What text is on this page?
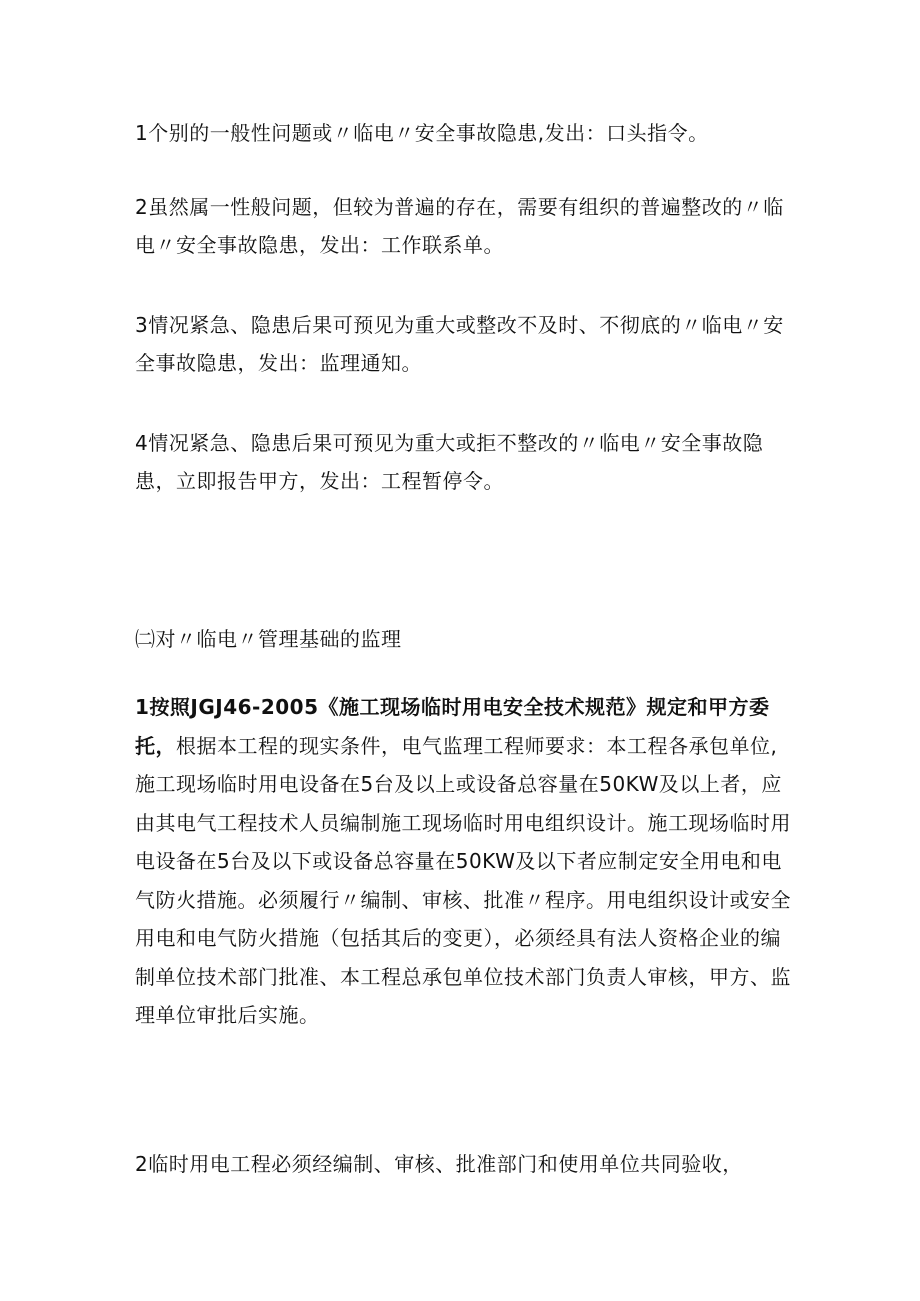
1个别的一般性问题或〃临电〃安全事故隐患,发出：口头指令。

2虽然属一性般问题，但较为普遍的存在，需要有组织的普遍整改的〃临电〃安全事故隐患，发出：工作联系单。

3情况紧急、隐患后果可预见为重大或整改不及时、不彻底的〃临电〃安全事故隐患，发出：监理通知。

4情况紧急、隐患后果可预见为重大或拒不整改的〃临电〃安全事故隐患，立即报告甲方，发出：工程暂停令。

㈡对〃临电〃管理基础的监理

1按照JGJ46-2005《施工现场临时用电安全技术规范》规定和甲方委托，根据本工程的现实条件，电气监理工程师要求：本工程各承包单位,施工现场临时用电设备在5台及以上或设备总容量在50KW及以上者，应由其电气工程技术人员编制施工现场临时用电组织设计。施工现场临时用电设备在5台及以下或设备总容量在50KW及以下者应制定安全用电和电气防火措施。必须履行〃编制、审核、批准〃程序。用电组织设计或安全用电和电气防火措施（包括其后的变更），必须经具有法人资格企业的编制单位技术部门批准、本工程总承包单位技术部门负责人审核，甲方、监理单位审批后实施。

2临时用电工程必须经编制、审核、批准部门和使用单位共同验收，
